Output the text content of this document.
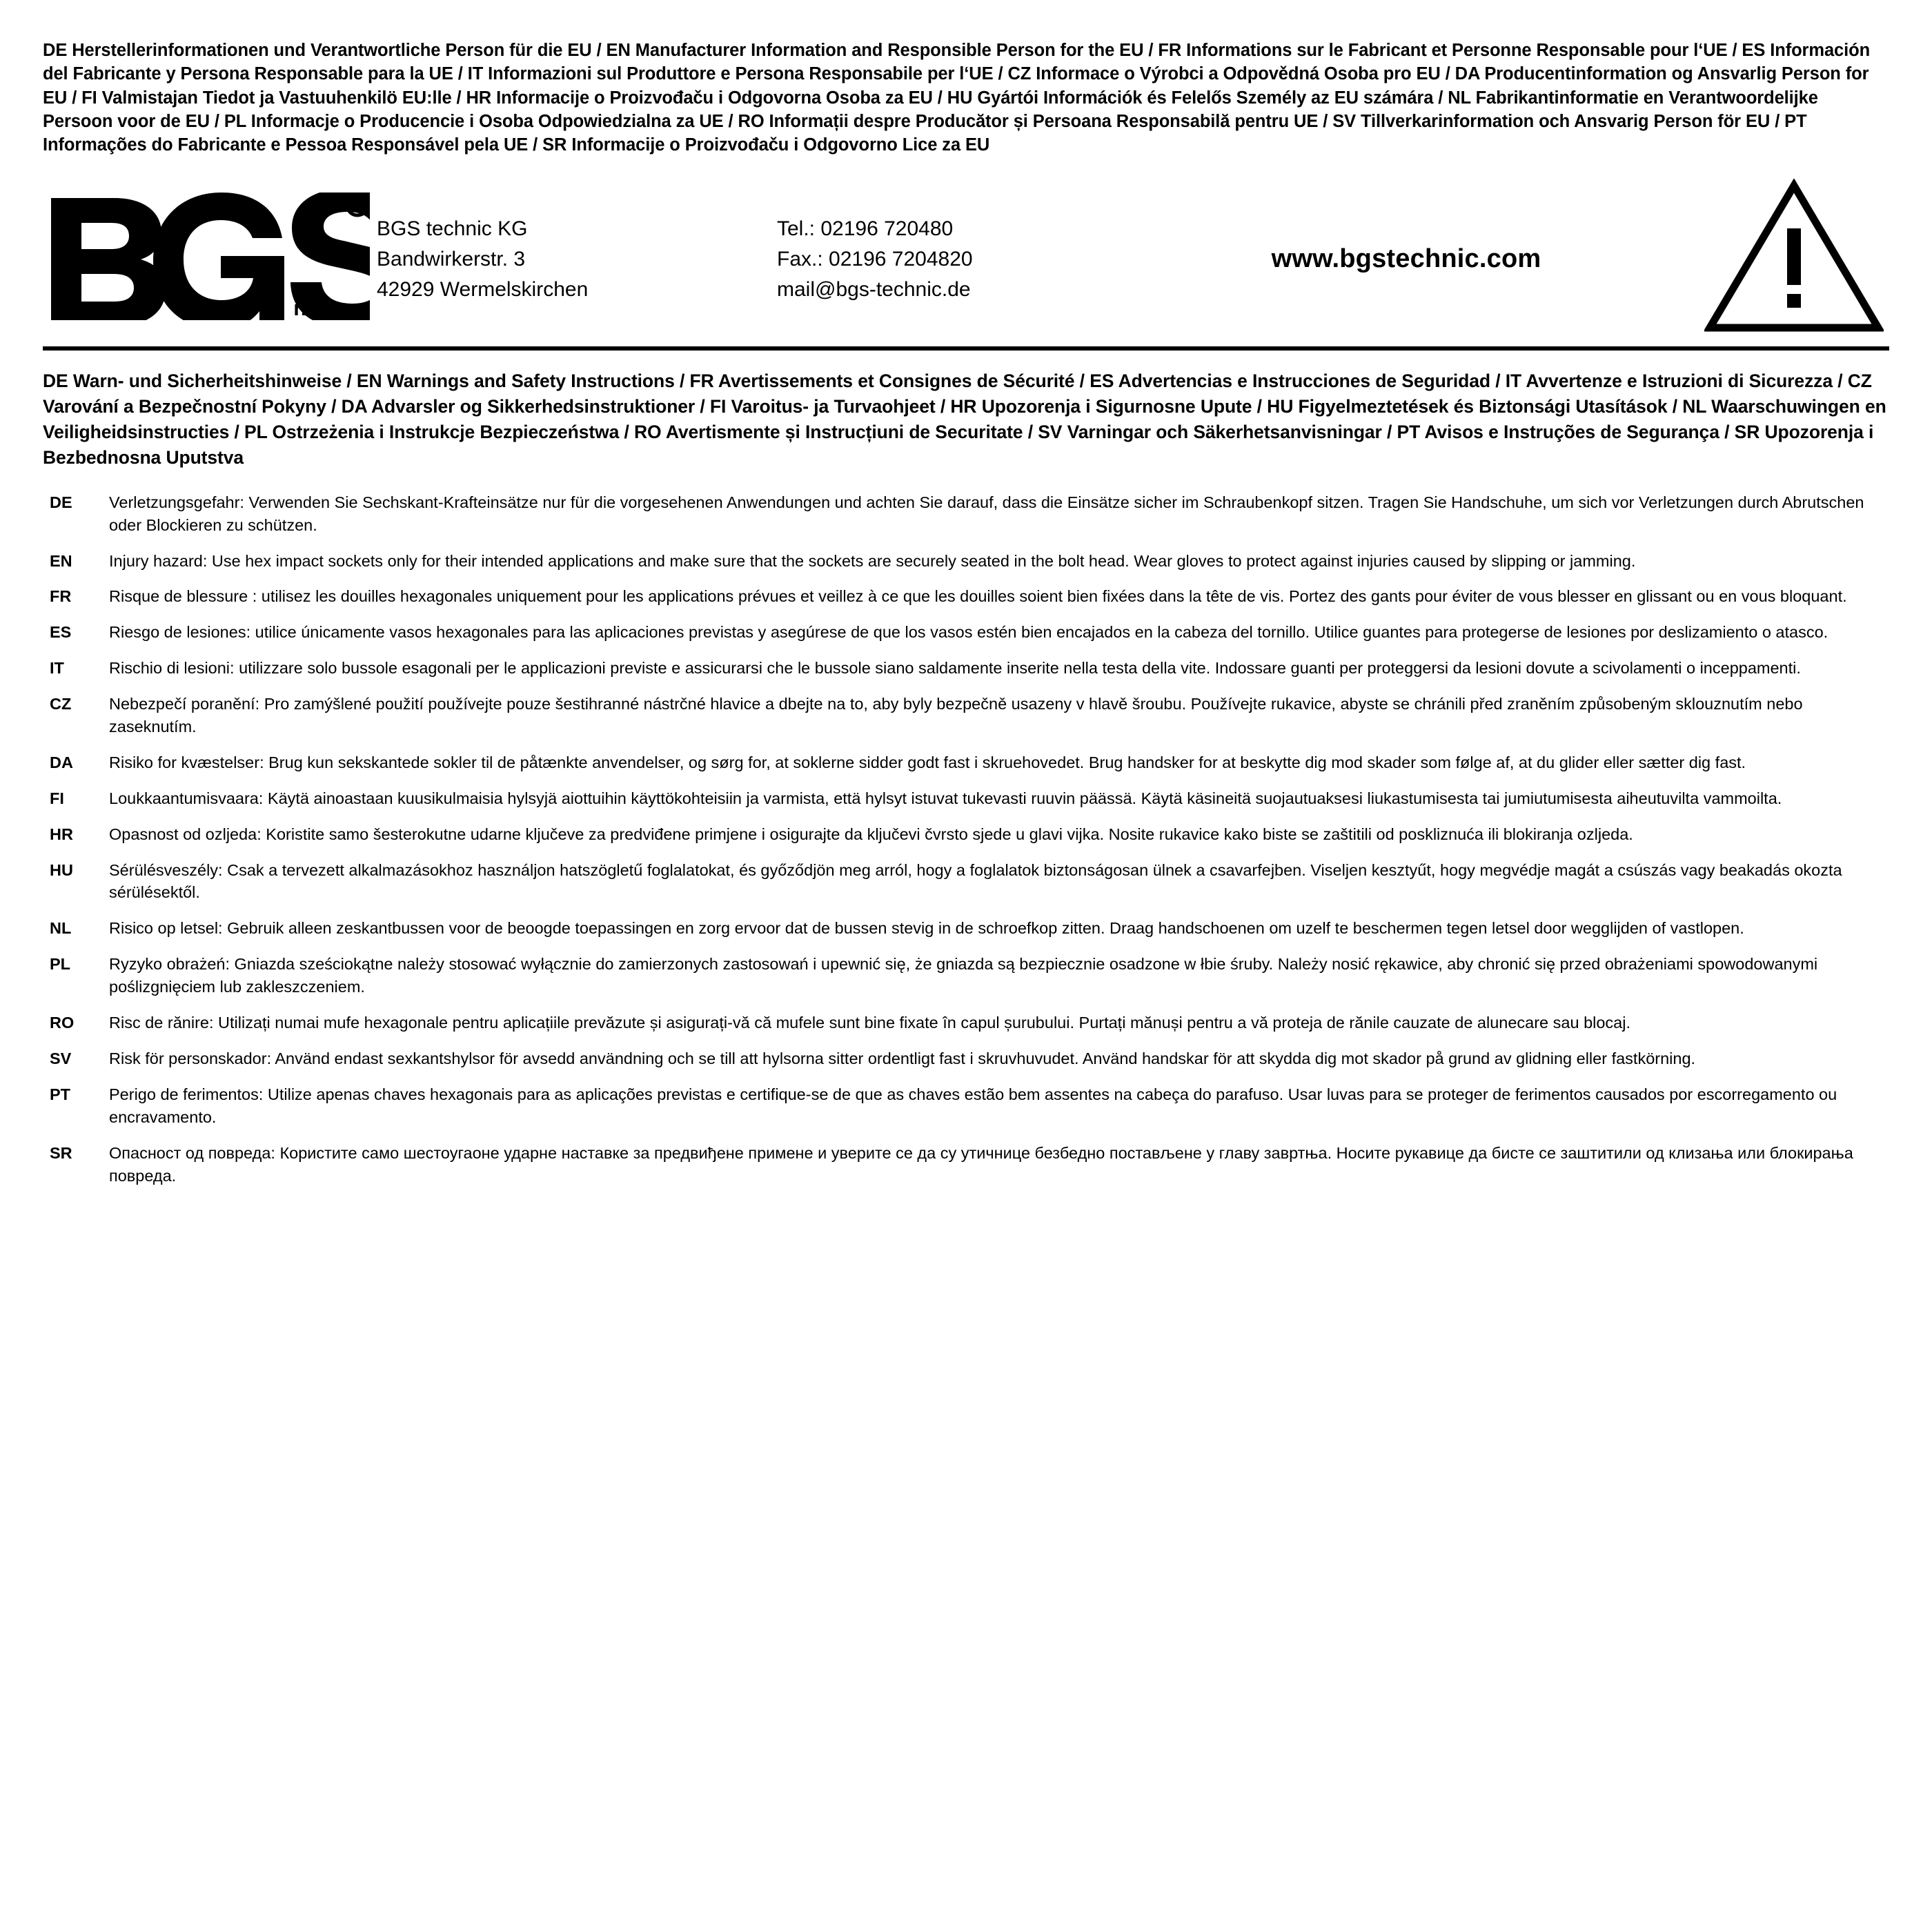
DE Herstellerinformationen und Verantwortliche Person für die EU / EN Manufacturer Information and Responsible Person for the EU / FR Informations sur le Fabricant et Personne Responsable pour l‘UE / ES Información del Fabricante y Persona Responsable para la UE / IT Informazioni sul Produttore e Persona Responsabile per l‘UE / CZ Informace o Výrobci a Odpovědná Osoba pro EU / DA Producentinformation og Ansvarlig Person for EU / FI Valmistajan Tiedot ja Vastuuhenkilö EU:lle / HR Informacije o Proizvođaču i Odgovorna Osoba za EU / HU Gyártói Információk és Felelős Személy az EU számára / NL Fabrikantinformatie en Verantwoordelijke Persoon voor de EU / PL Informacje o Producencie i Osoba Odpowiedzialna za UE / RO Informații despre Producător și Persoana Responsabilă pentru UE / SV Tillverkarinformation och Ansvarig Person för EU / PT Informações do Fabricante e Pessoa Responsável pela UE / SR Informacije o Proizvođaču i Odgovorno Lice za EU
R
t e c h n i c
BGS technic KG
Bandwirkerstr. 3
42929 Wermelskirchen
Tel.: 02196 720480
Fax.: 02196 7204820
mail@bgs-technic.de
www.bgstechnic.com
DE Warn- und Sicherheitshinweise / EN Warnings and Safety Instructions / FR Avertissements et Consignes de Sécurité / ES Advertencias e Instrucciones de Seguridad / IT Avvertenze e Istruzioni di Sicurezza / CZ Varování a Bezpečnostní Pokyny / DA Advarsler og Sikkerhedsinstruktioner / FI Varoitus- ja Turvaohjeet / HR Upozorenja i Sigurnosne Upute / HU Figyelmeztetések és Biztonsági Utasítások / NL Waarschuwingen en Veiligheidsinstructies / PL Ostrzeżenia i Instrukcje Bezpieczeństwa / RO Avertismente și Instrucțiuni de Securitate / SV Varningar och Säkerhetsanvisningar / PT Avisos e Instruções de Segurança / SR Upozorenja i Bezbednosna Uputstva
DE	Verletzungsgefahr: Verwenden Sie Sechskant-Krafteinsätze nur für die vorgesehenen Anwendungen und achten Sie darauf, dass die Einsätze sicher im Schraubenkopf sitzen. Tragen Sie Handschuhe, um sich vor Verletzungen durch Abrutschen oder Blockieren zu schützen.
EN	Injury hazard: Use hex impact sockets only for their intended applications and make sure that the sockets are securely seated in the bolt head. Wear gloves to protect against injuries caused by slipping or jamming.
FR	Risque de blessure : utilisez les douilles hexagonales uniquement pour les applications prévues et veillez à ce que les douilles soient bien fixées dans la tête de vis. Portez des gants pour éviter de vous blesser en glissant ou en vous bloquant.
ES	Riesgo de lesiones: utilice únicamente vasos hexagonales para las aplicaciones previstas y asegúrese de que los vasos estén bien encajados en la cabeza del tornillo. Utilice guantes para protegerse de lesiones por deslizamiento o atasco.
IT	Rischio di lesioni: utilizzare solo bussole esagonali per le applicazioni previste e assicurarsi che le bussole siano saldamente inserite nella testa della vite. Indossare guanti per proteggersi da lesioni dovute a scivolamenti o inceppamenti.
CZ	Nebezpečí poranění: Pro zamýšlené použití používejte pouze šestihranné nástrčné hlavice a dbejte na to, aby byly bezpečně usazeny v hlavě šroubu. Používejte rukavice, abyste se chránili před zraněním způsobeným sklouznutím nebo zaseknutím.
DA	Risiko for kvæstelser: Brug kun sekskantede sokler til de påtænkte anvendelser, og sørg for, at soklerne sidder godt fast i skruehovedet. Brug handsker for at beskytte dig mod skader som følge af, at du glider eller sætter dig fast.
FI	Loukkaantumisvaara: Käytä ainoastaan kuusikulmaisia hylsyjä aiottuihin käyttökohteisiin ja varmista, että hylsyt istuvat tukevasti ruuvin päässä. Käytä käsineitä suojautuaksesi liukastumisesta tai jumiutumisesta aiheutuvilta vammoilta.
HR	Opasnost od ozljeda: Koristite samo šesterokutne udarne ključeve za predviđene primjene i osigurajte da ključevi čvrsto sjede u glavi vijka. Nosite rukavice kako biste se zaštitili od poskliznuća ili blokiranja ozljeda.
HU	Sérülésveszély: Csak a tervezett alkalmazásokhoz használjon hatszögletű foglalatokat, és győződjön meg arról, hogy a foglalatok biztonságosan ülnek a csavarfejben. Viseljen kesztyűt, hogy megvédje magát a csúszás vagy beakadás okozta sérülésektől.
NL	Risico op letsel: Gebruik alleen zeskantbussen voor de beoogde toepassingen en zorg ervoor dat de bussen stevig in de schroefkop zitten. Draag handschoenen om uzelf te beschermen tegen letsel door wegglijden of vastlopen.
PL	Ryzyko obrażeń: Gniazda sześciokątne należy stosować wyłącznie do zamierzonych zastosowań i upewnić się, że gniazda są bezpiecznie osadzone w łbie śruby. Należy nosić rękawice, aby chronić się przed obrażeniami spowodowanymi poślizgnięciem lub zakleszczeniem.
RO	Risc de rănire: Utilizați numai mufe hexagonale pentru aplicațiile prevăzute și asigurați-vă că mufele sunt bine fixate în capul șurubului. Purtați mănuși pentru a vă proteja de rănile cauzate de alunecare sau blocaj.
SV	Risk för personskador: Använd endast sexkantshylsor för avsedd användning och se till att hylsorna sitter ordentligt fast i skruvhuvudet. Använd handskar för att skydda dig mot skador på grund av glidning eller fastkörning.
PT	Perigo de ferimentos: Utilize apenas chaves hexagonais para as aplicações previstas e certifique-se de que as chaves estão bem assentes na cabeça do parafuso. Usar luvas para se proteger de ferimentos causados por escorregamento ou encravamento.
SR	Опасност од повреда: Користите само шестоугаоне ударне наставке за предвиђене примене и уверите се да су утичнице безбедно постављене у главу завртња. Носите рукавице да бисте се заштитили од клизања или блокирања повреда.
